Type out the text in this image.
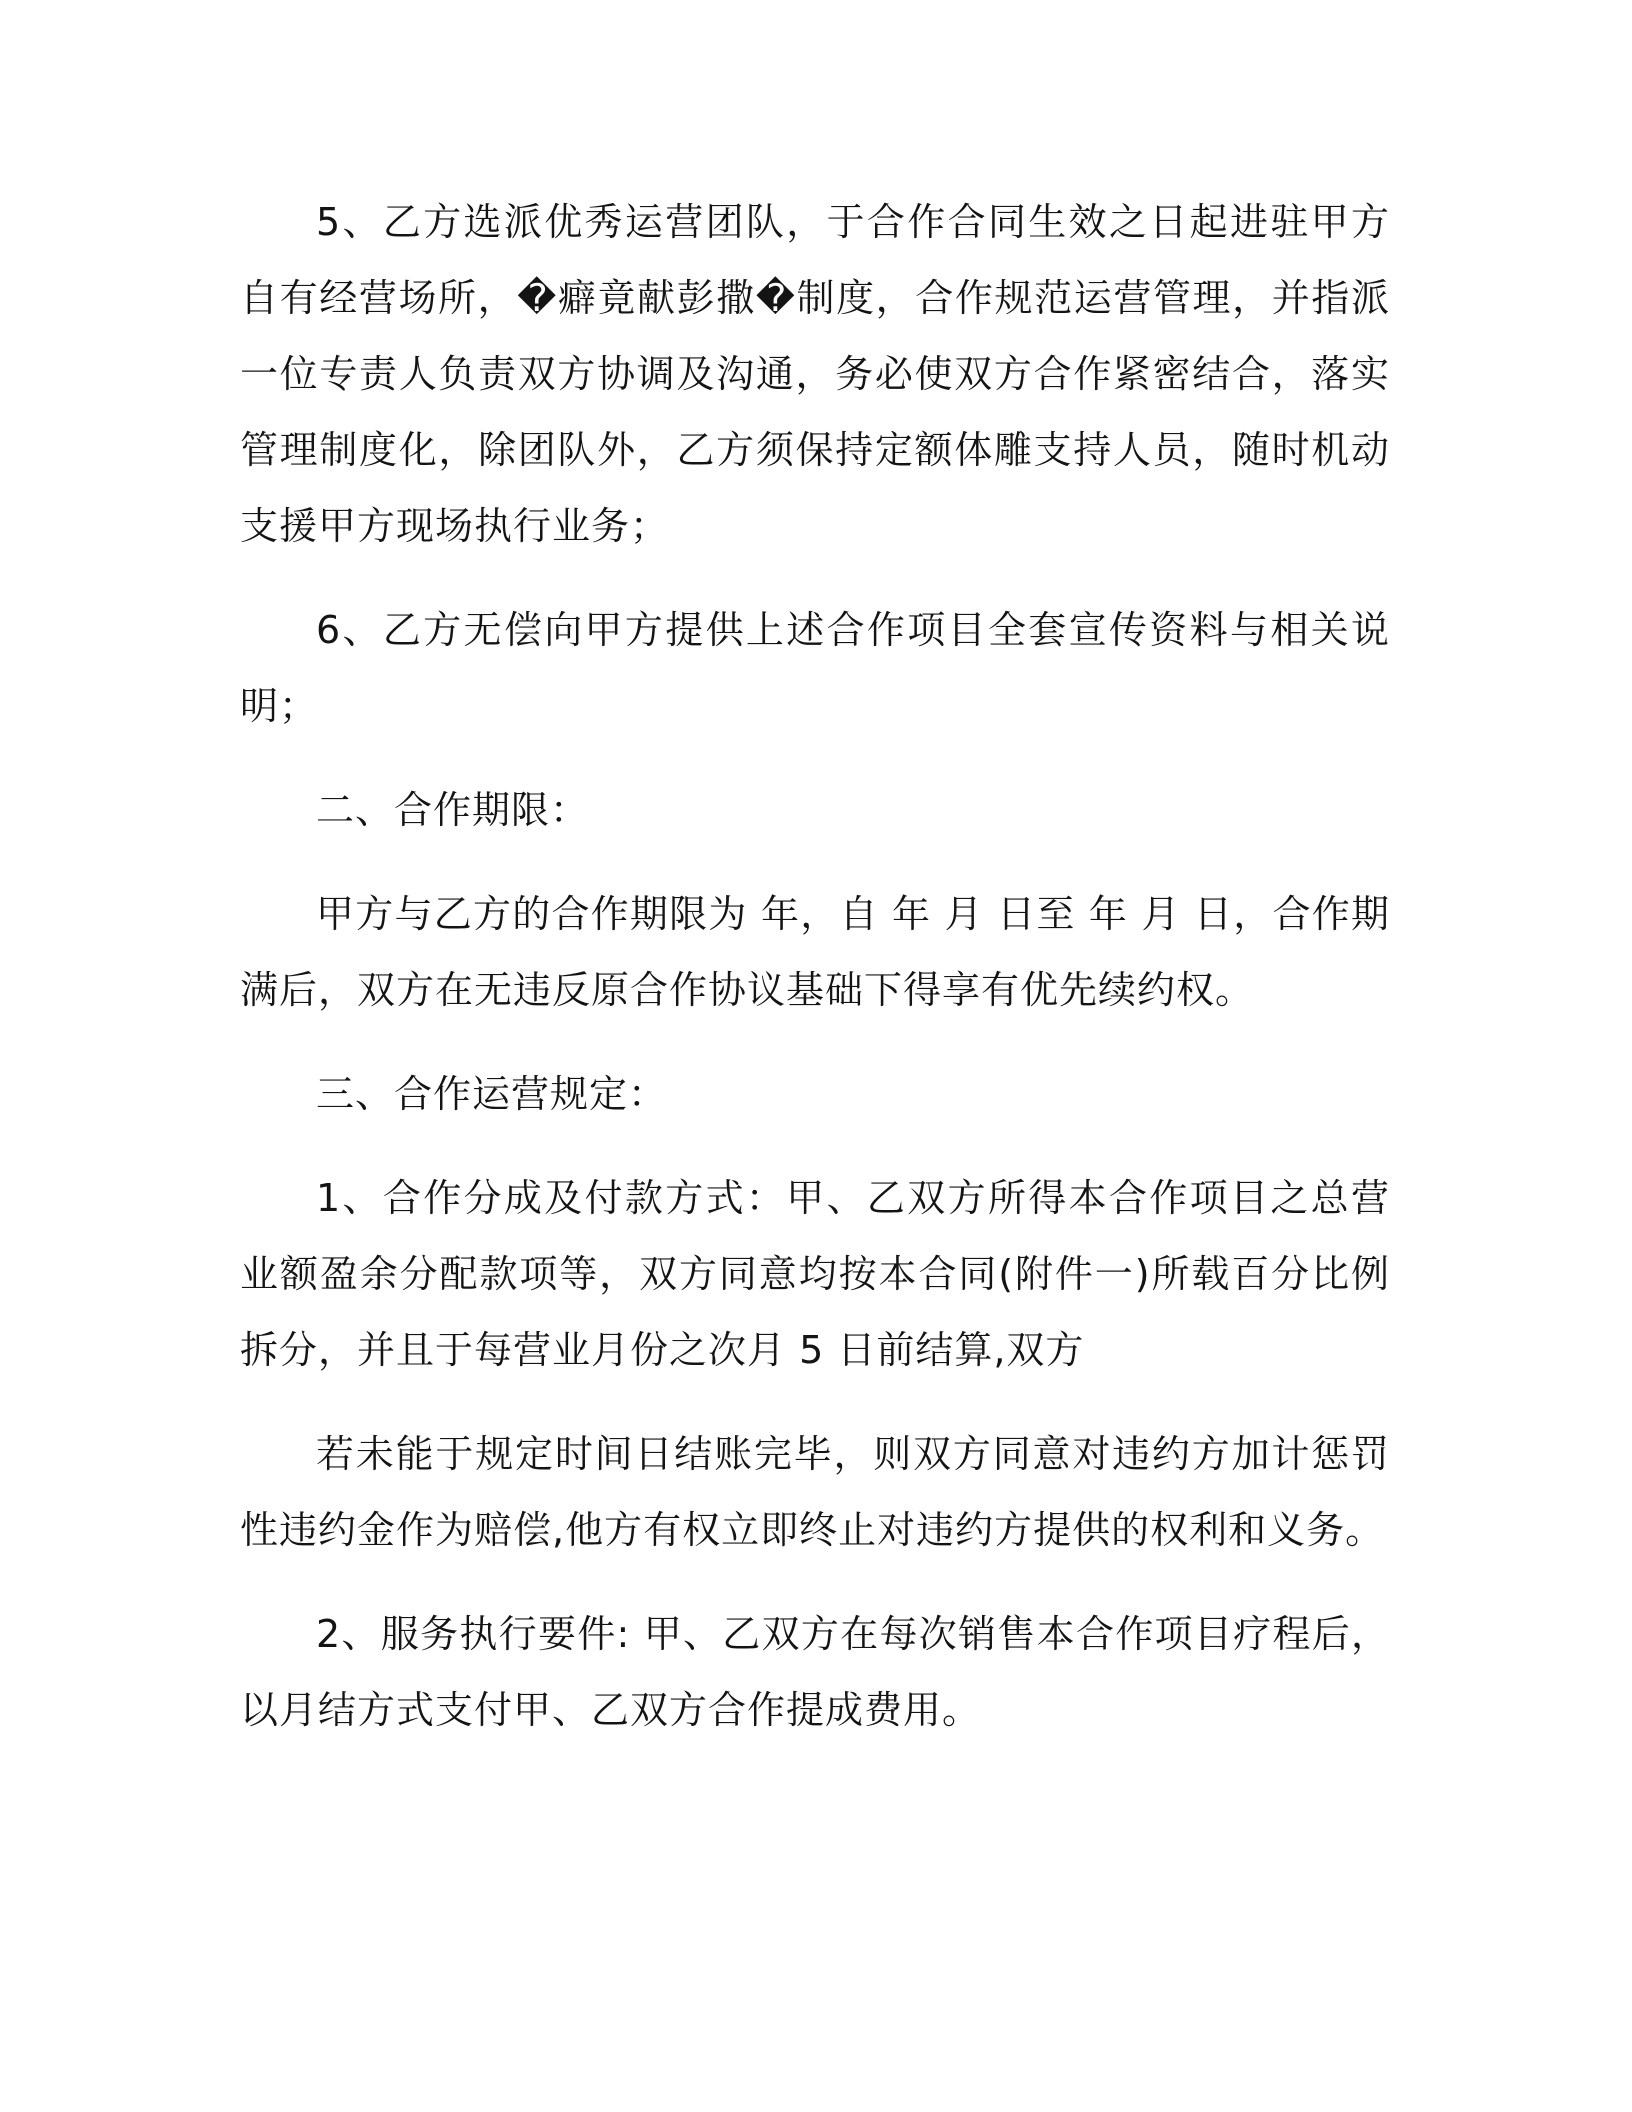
5、乙方选派优秀运营团队，于合作合同生效之日起进驻甲方自有经营场所，�癖竟献彭撒�制度，合作规范运营管理，并指派一位专责人负责双方协调及沟通，务必使双方合作紧密结合，落实管理制度化，除团队外，乙方须保持定额体雕支持人员，随时机动支援甲方现场执行业务；

6、乙方无偿向甲方提供上述合作项目全套宣传资料与相关说明；

二、合作期限：

甲方与乙方的合作期限为 年，自 年 月 日至 年 月 日，合作期满后，双方在无违反原合作协议基础下得享有优先续约权。

三、合作运营规定：

1、合作分成及付款方式：甲、乙双方所得本合作项目之总营业额盈余分配款项等，双方同意均按本合同(附件一)所载百分比例拆分，并且于每营业月份之次月 5 日前结算,双方

若未能于规定时间日结账完毕，则双方同意对违约方加计惩罚性违约金作为赔偿,他方有权立即终止对违约方提供的权利和义务。

2、服务执行要件: 甲、乙双方在每次销售本合作项目疗程后，以月结方式支付甲、乙双方合作提成费用。
